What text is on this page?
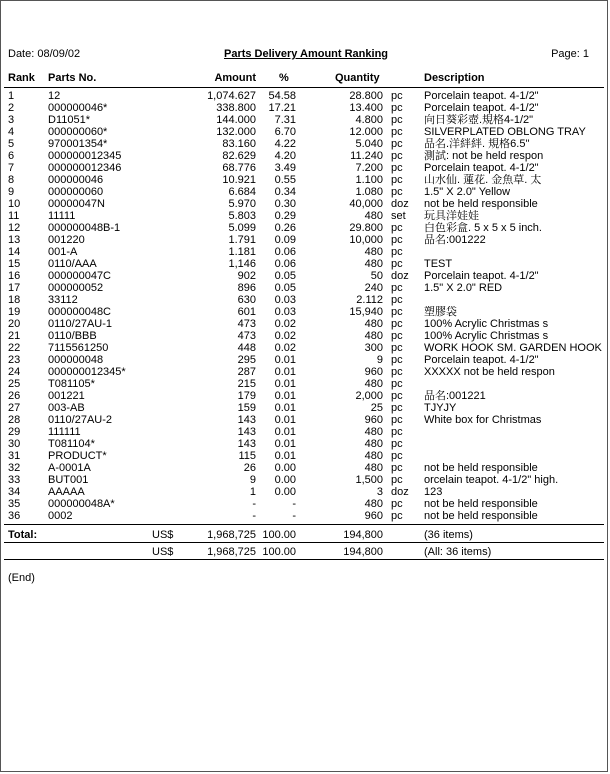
Date: 08/09/02	Parts Delivery Amount Ranking	Page: 1
Rank Parts No.	Amount %	Quantity	Description
1	12	1,074.627 54.58	28.800 pc Porcelain teapot. 4-1/2"
2	000000046*	338.800 17.21	13.400 pc Porcelain teapot. 4-1/2"
3	D11051*	144.000 7.31	4.800 pc 向日葵彩壺.規格4-1/2"
4	000000060*	132.000 6.70	12.000 pc SILVERPLATED OBLONG TRAY
5	970001354*	83.160 4.22	5.040 pc 品名.洋絆絆. 規格6.5"
6	000000012345	82.629 4.20	11.240 pc 測試: not be held respon
7	000000012346	68.776 3.49	7.200 pc Porcelain teapot. 4-1/2"
8	000000046	10.921 0.55	1.100 pc 山水仙. 蓮花. 金魚草. 太
9	000000060	6.684 0.34	1.080 pc 1.5" X 2.0" Yellow
10	00000047N	5.970 0.30	40,000 doz not be held responsible
11	11111	5.803 0.29	480 set 玩具洋娃娃
12	000000048B-1	5.099 0.26	29.800 pc 白色彩盒. 5 x 5 x 5 inch.
13	001220	1.791 0.09	10,000 pc 品名:001222
14	001-A	1.181 0.06	480 pc
15	0110/AAA	1,146 0.06	480 pc TEST
16	000000047C	902 0.05	50 doz Porcelain teapot. 4-1/2"
17	000000052	896 0.05	240 pc 1.5" X 2.0" RED
18	33112	630 0.03	2.112 pc
19	000000048C	601 0.03	15,940 pc 塑膠袋
20	0110/27AU-1	473 0.02	480 pc 100% Acrylic Christmas s
21	0110/BBB	473 0.02	480 pc 100% Acrylic Christmas s
22	7115561250	448 0.02	300 pc WORK HOOK SM. GARDEN HOOK
23	000000048	295 0.01	9 pc Porcelain teapot. 4-1/2"
24	000000012345*	287 0.01	960 pc XXXXX not be held respon
25	T081105*	215 0.01	480 pc
26	001221	179 0.01	2,000 pc 品名:001221
27	003-AB	159 0.01	25 pc TJYJY
28	0110/27AU-2	143 0.01	960 pc White box for Christmas
29	111111	143 0.01	480 pc
30	T081104*	143 0.01	480 pc
31	PRODUCT*	115 0.01	480 pc
32	A-0001A	26 0.00	480 pc not be held responsible
33	BUT001	9 0.00	1,500 pc orcelain teapot. 4-1/2" high.
34	AAAAA	1 0.00	3 doz 123
35	000000048A*	-	-	480 pc not be held responsible
36	0002	-	-	960 pc not be held responsible
Total:	US$	1,968,725 100.00	194,800	(36 items)
US$	1,968,725 100.00	194,800	(All: 36 items)
(End)
